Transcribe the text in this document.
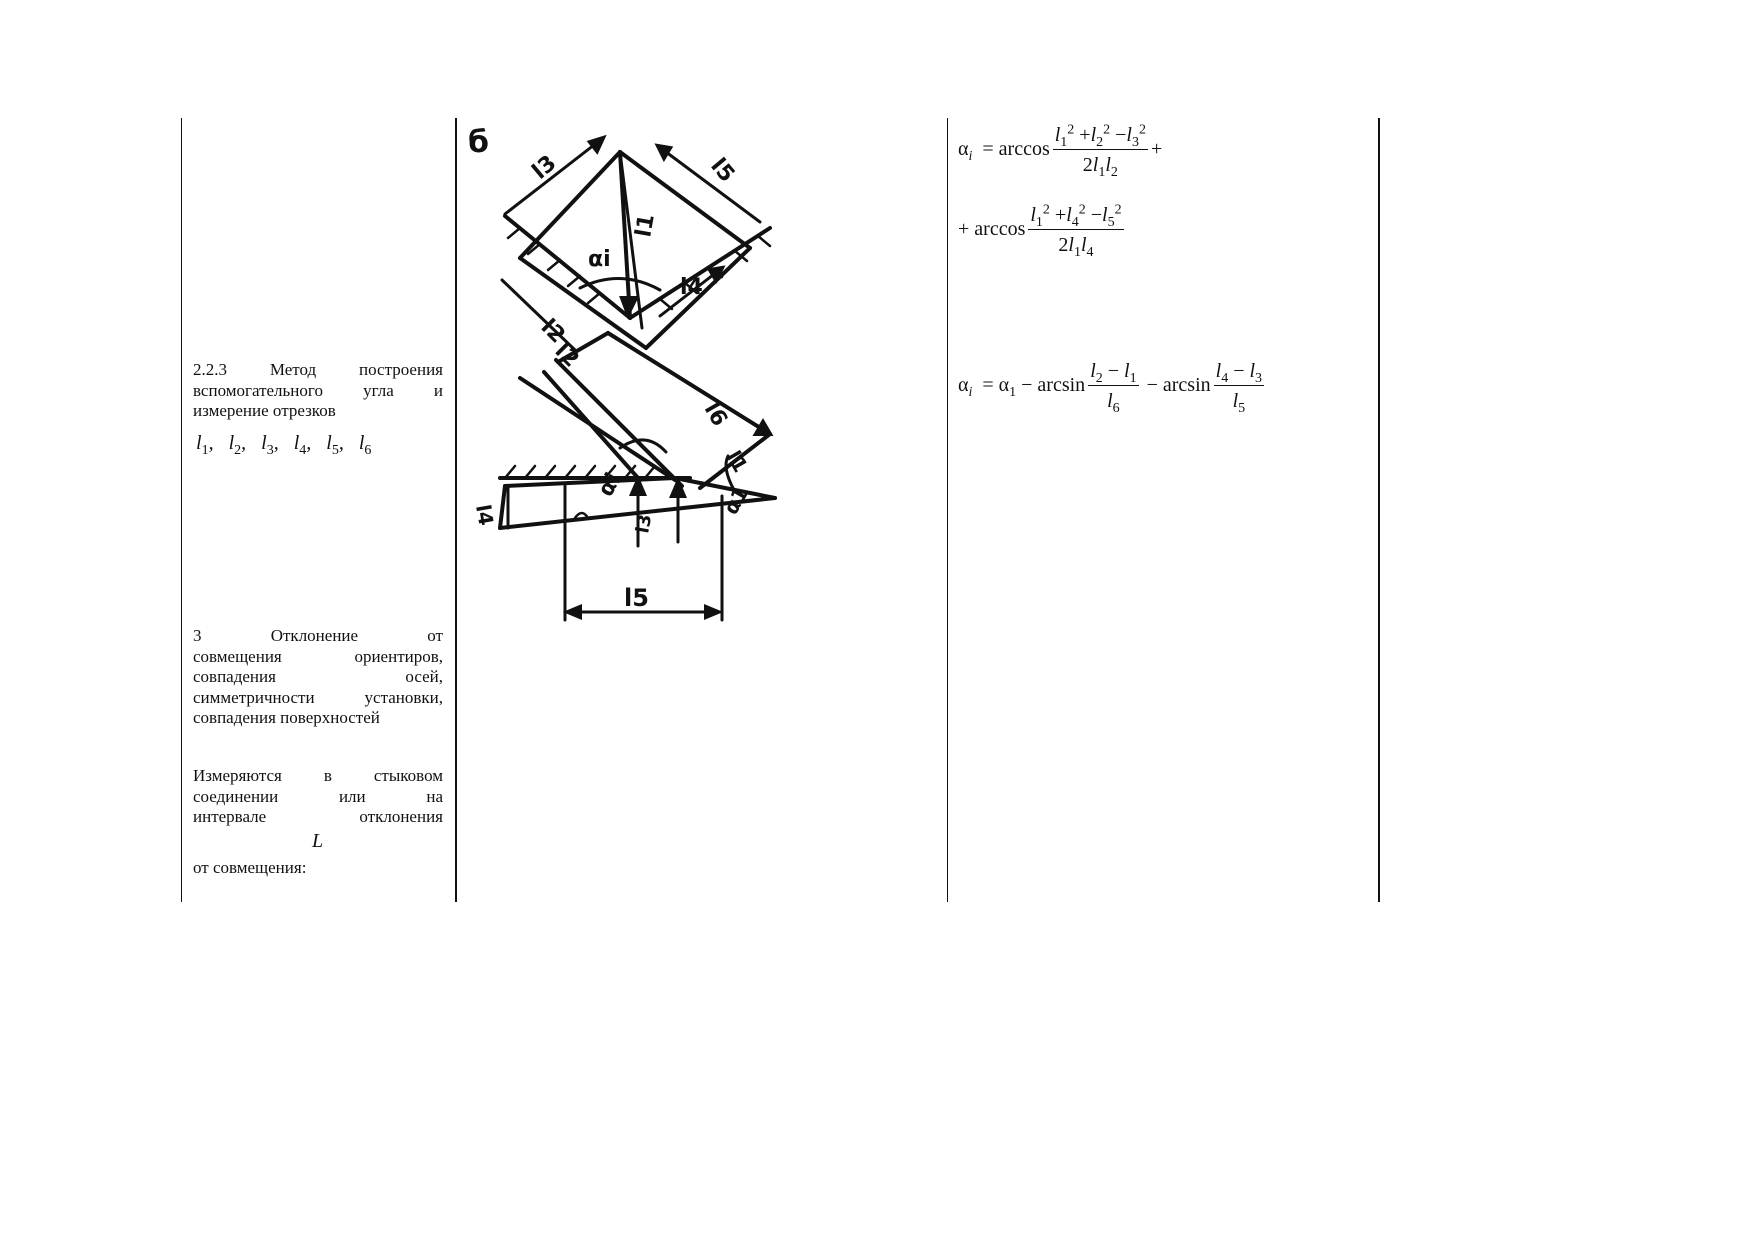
2.2.3 Метод построения
вспомогательного угла и
измерение отрезков
$l_1$, $l_2$, $l_3$, $l_4$, $l_5$, $l_6$
3 Отклонение от
совмещения ориентиров,
совпадения осей,
симметричности установки,
совпадения поверхностей
Измеряются в стыковом
соединении или на
интервале отклонения
L
от совмещения:
б
l3	l5
l1
αi
l2
l4
l2
l6
l1
αi	α1
l3
l4
l5
$\alpha_i = \arccos \frac{l_1^2 +l_2^2 -l_3^2}{2l_1l_2}$ +
+ $\arccos \frac{l_1^2 +l_4^2 -l_5^2}{2l_1l_4}$
$\alpha_i = \alpha_1 - \arcsin \frac{l_2 - l_1}{l_6} - \arcsin \frac{l_4 - l_3}{l_5}$
